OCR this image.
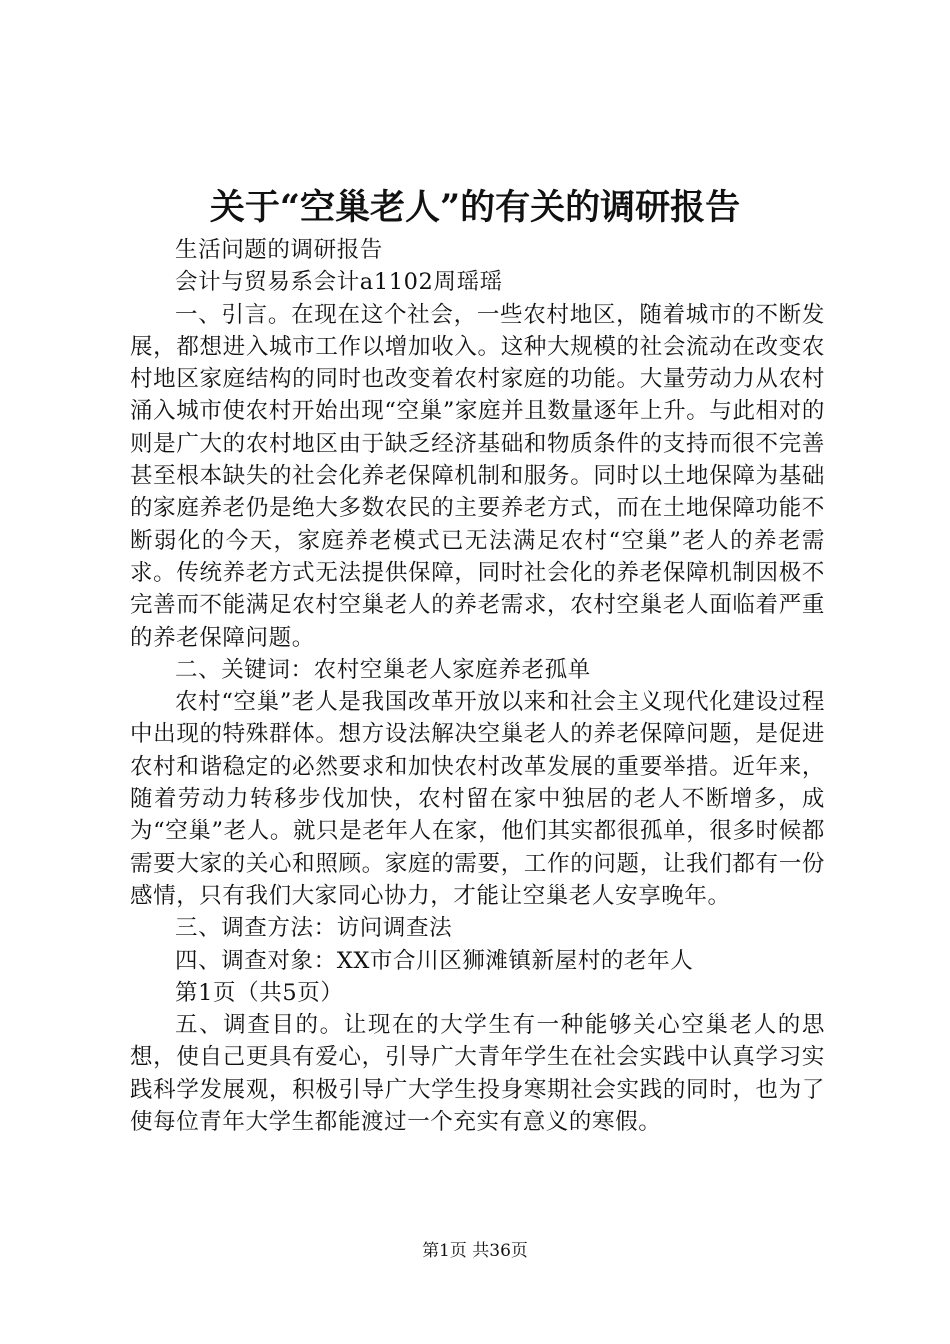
关于“空巢老人”的有关的调研报告

生活问题的调研报告

会计与贸易系会计a1102周瑶瑶

一、引言。在现在这个社会，一些农村地区，随着城市的不断发展，都想进入城市工作以增加收入。这种大规模的社会流动在改变农村地区家庭结构的同时也改变着农村家庭的功能。大量劳动力从农村涌入城市使农村开始出现“空巢”家庭并且数量逐年上升。与此相对的则是广大的农村地区由于缺乏经济基础和物质条件的支持而很不完善甚至根本缺失的社会化养老保障机制和服务。同时以土地保障为基础的家庭养老仍是绝大多数农民的主要养老方式，而在土地保障功能不断弱化的今天，家庭养老模式已无法满足农村“空巢”老人的养老需求。传统养老方式无法提供保障，同时社会化的养老保障机制因极不完善而不能满足农村空巢老人的养老需求，农村空巢老人面临着严重的养老保障问题。

二、关键词：农村空巢老人家庭养老孤单

农村“空巢”老人是我国改革开放以来和社会主义现代化建设过程中出现的特殊群体。想方设法解决空巢老人的养老保障问题，是促进农村和谐稳定的必然要求和加快农村改革发展的重要举措。近年来，随着劳动力转移步伐加快，农村留在家中独居的老人不断增多，成为“空巢”老人。就只是老年人在家，他们其实都很孤单，很多时候都需要大家的关心和照顾。家庭的需要，工作的问题，让我们都有一份感情，只有我们大家同心协力，才能让空巢老人安享晚年。

三、调查方法：访问调查法

四、调查对象：XX市合川区狮滩镇新屋村的老年人

第1页（共5页）

五、调查目的。让现在的大学生有一种能够关心空巢老人的思想，使自己更具有爱心，引导广大青年学生在社会实践中认真学习实践科学发展观，积极引导广大学生投身寒期社会实践的同时，也为了使每位青年大学生都能渡过一个充实有意义的寒假。

第1页 共36页
